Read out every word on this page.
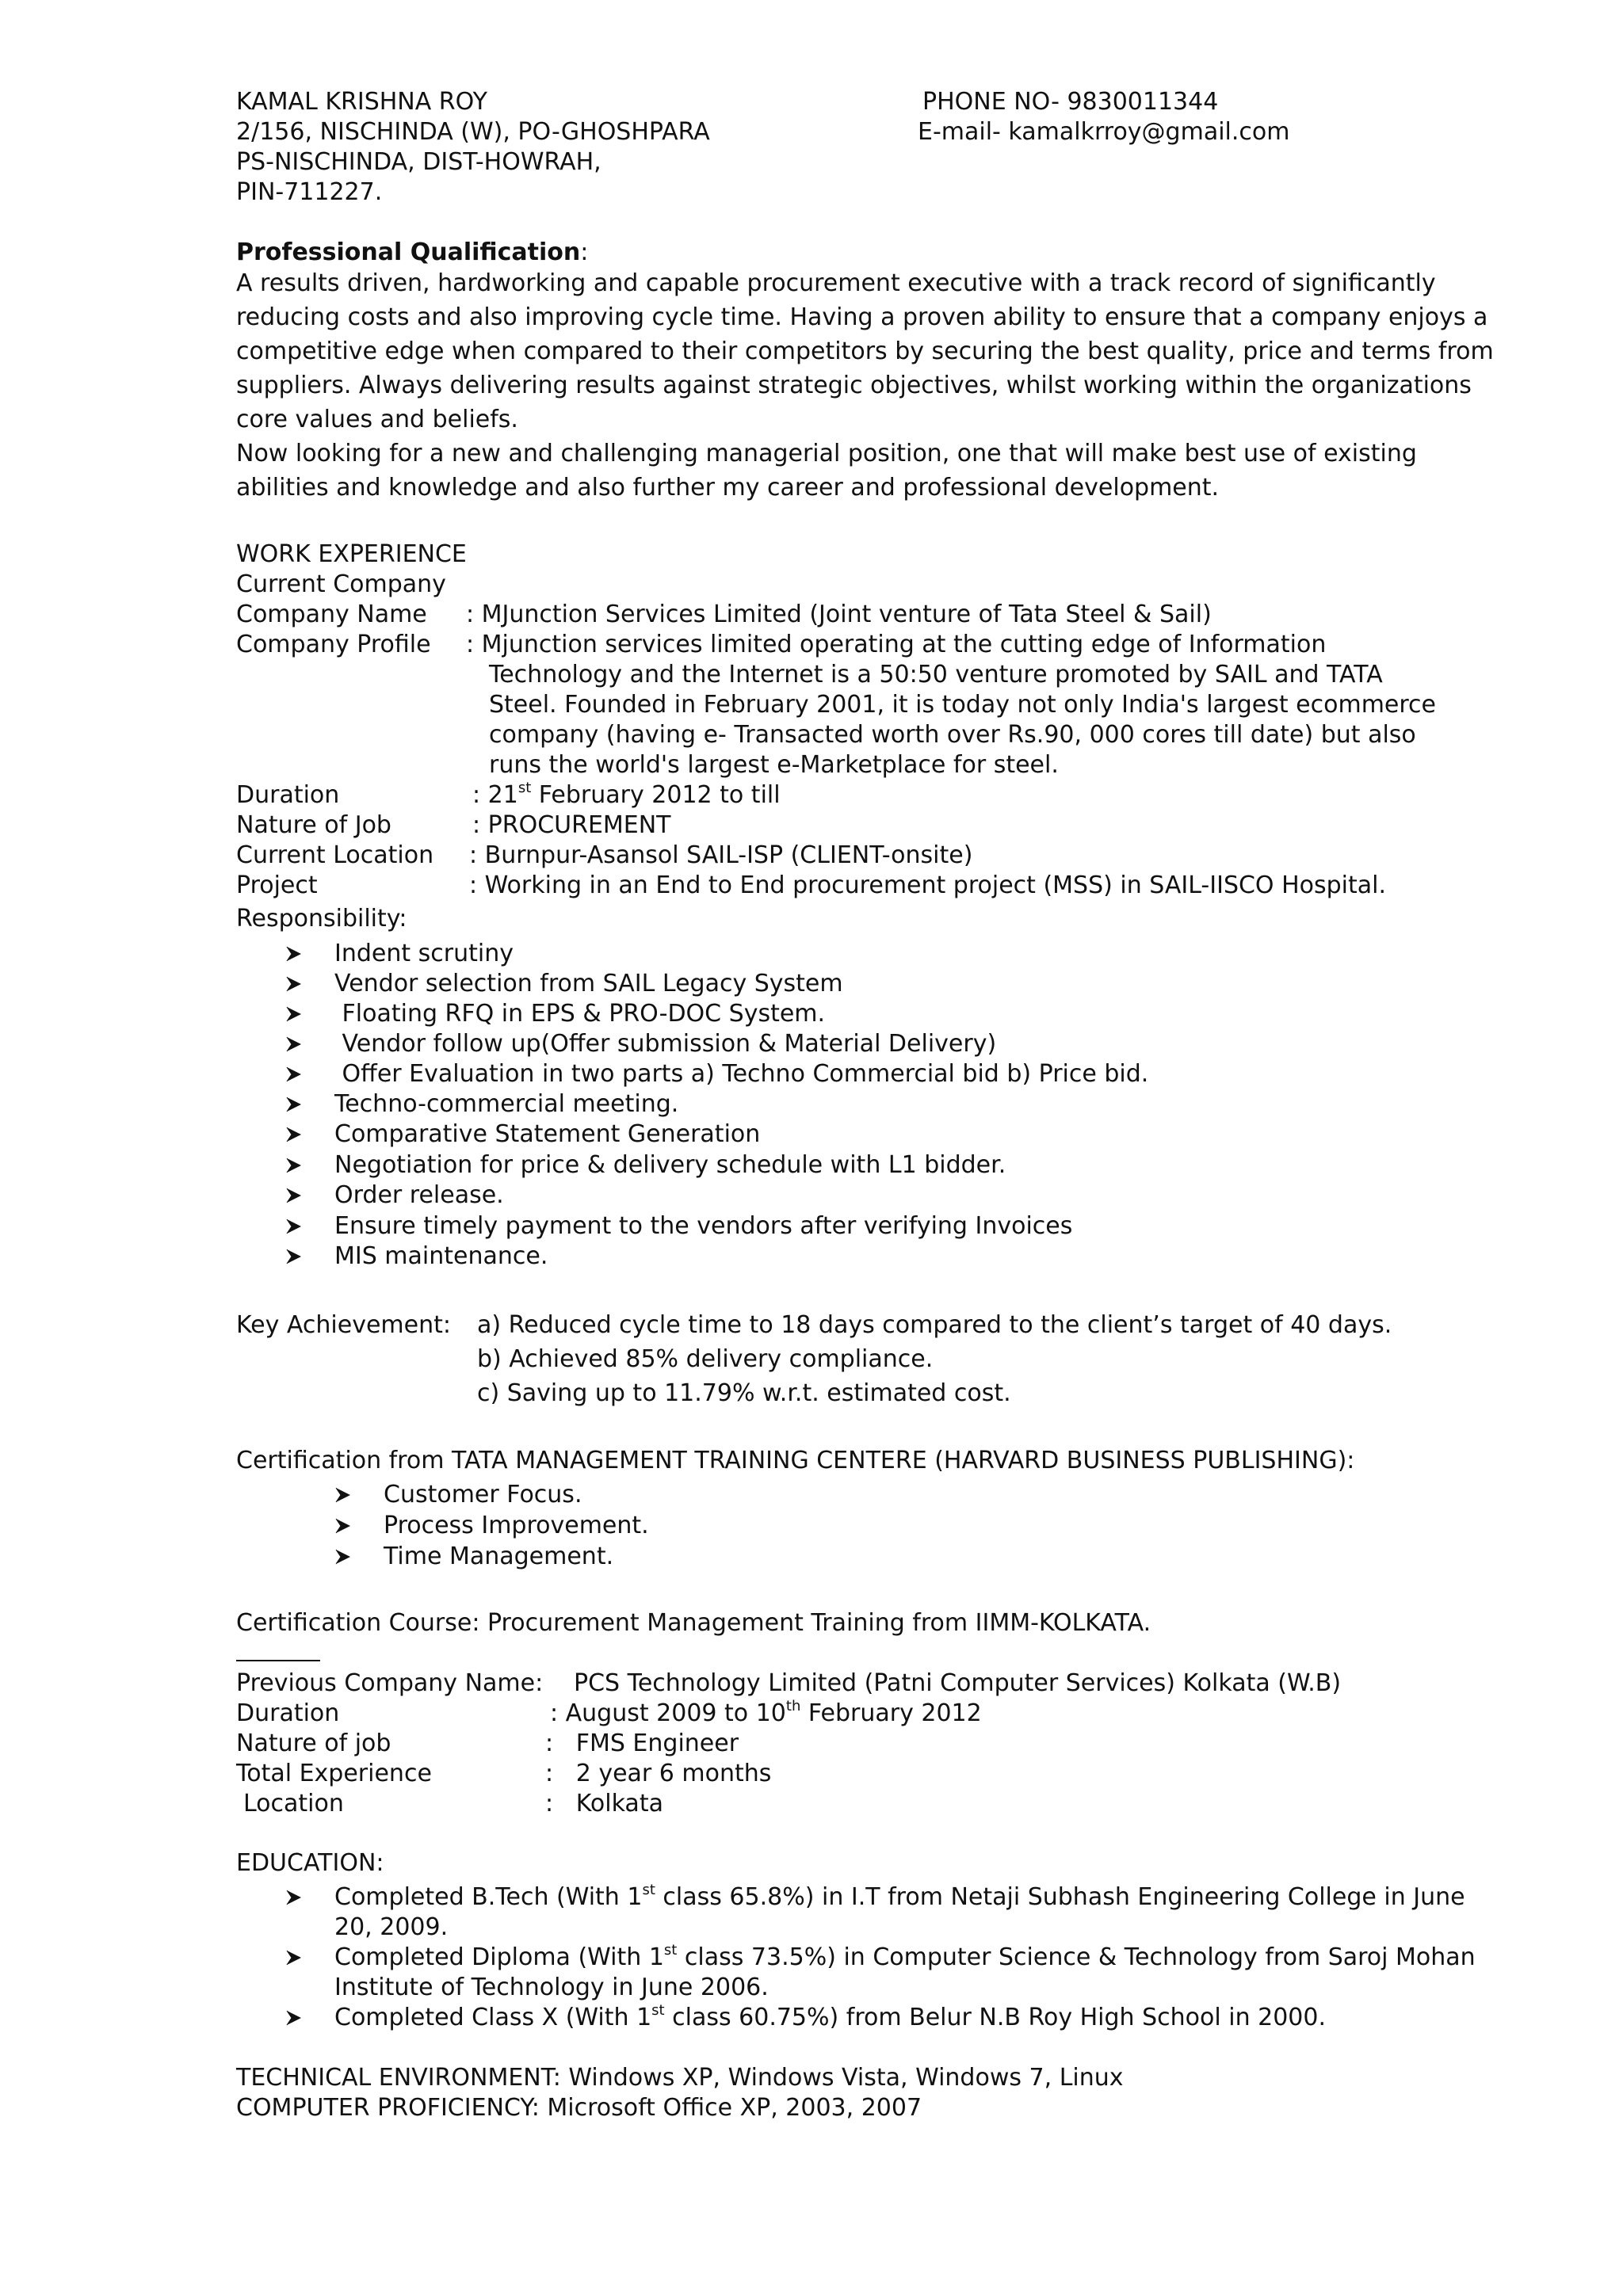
KAMAL KRISHNA ROY
2/156, NISCHINDA (W), PO-GHOSHPARA
PS-NISCHINDA, DIST-HOWRAH,
PIN-711227.
PHONE NO- 9830011344
E-mail- kamalkrroy@gmail.com
Professional Qualification:
A results driven, hardworking and capable procurement executive with a track record of significantly
reducing costs and also improving cycle time. Having a proven ability to ensure that a company enjoys a
competitive edge when compared to their competitors by securing the best quality, price and terms from
suppliers. Always delivering results against strategic objectives, whilst working within the organizations
core values and beliefs.
Now looking for a new and challenging managerial position, one that will make best use of existing
abilities and knowledge and also further my career and professional development.
WORK EXPERIENCE
Current Company
Company Name : MJunction Services Limited (Joint venture of Tata Steel & Sail)
Company Profile : Mjunction services limited operating at the cutting edge of Information
Technology and the Internet is a 50:50 venture promoted by SAIL and TATA
Steel. Founded in February 2001, it is today not only India's largest ecommerce
company (having e- Transacted worth over Rs.90, 000 cores till date) but also
runs the world's largest e-Marketplace for steel.
Duration	: 21st February 2012 to till
Nature of Job	: PROCUREMENT
Current Location : Burnpur-Asansol SAIL-ISP (CLIENT-onsite)
Project	: Working in an End to End procurement project (MSS) in SAIL-IISCO Hospital.
Responsibility:
Indent scrutiny
Vendor selection from SAIL Legacy System
Floating RFQ in EPS & PRO-DOC System.
Vendor follow up(Offer submission & Material Delivery)
Offer Evaluation in two parts a) Techno Commercial bid b) Price bid.
Techno-commercial meeting.
Comparative Statement Generation
Negotiation for price & delivery schedule with L1 bidder.
Order release.
Ensure timely payment to the vendors after verifying Invoices
MIS maintenance.
Key Achievement: a) Reduced cycle time to 18 days compared to the client’s target of 40 days.
b) Achieved 85% delivery compliance.
c) Saving up to 11.79% w.r.t. estimated cost.
Certification from TATA MANAGEMENT TRAINING CENTERE (HARVARD BUSINESS PUBLISHING):
Customer Focus.
Process Improvement.
Time Management.
Certification Course: Procurement Management Training from IIMM-KOLKATA.
Previous Company Name: PCS Technology Limited (Patni Computer Services) Kolkata (W.B)
Duration	: August 2009 to 10th February 2012
Nature of job	:   FMS Engineer
Total Experience	:   2 year 6 months
Location	:   Kolkata
EDUCATION:
Completed B.Tech (With 1st class 65.8%) in I.T from Netaji Subhash Engineering College in June
20, 2009.
Completed Diploma (With 1st class 73.5%) in Computer Science & Technology from Saroj Mohan
Institute of Technology in June 2006.
Completed Class X (With 1st class 60.75%) from Belur N.B Roy High School in 2000.
TECHNICAL ENVIRONMENT: Windows XP, Windows Vista, Windows 7, Linux
COMPUTER PROFICIENCY: Microsoft Office XP, 2003, 2007
